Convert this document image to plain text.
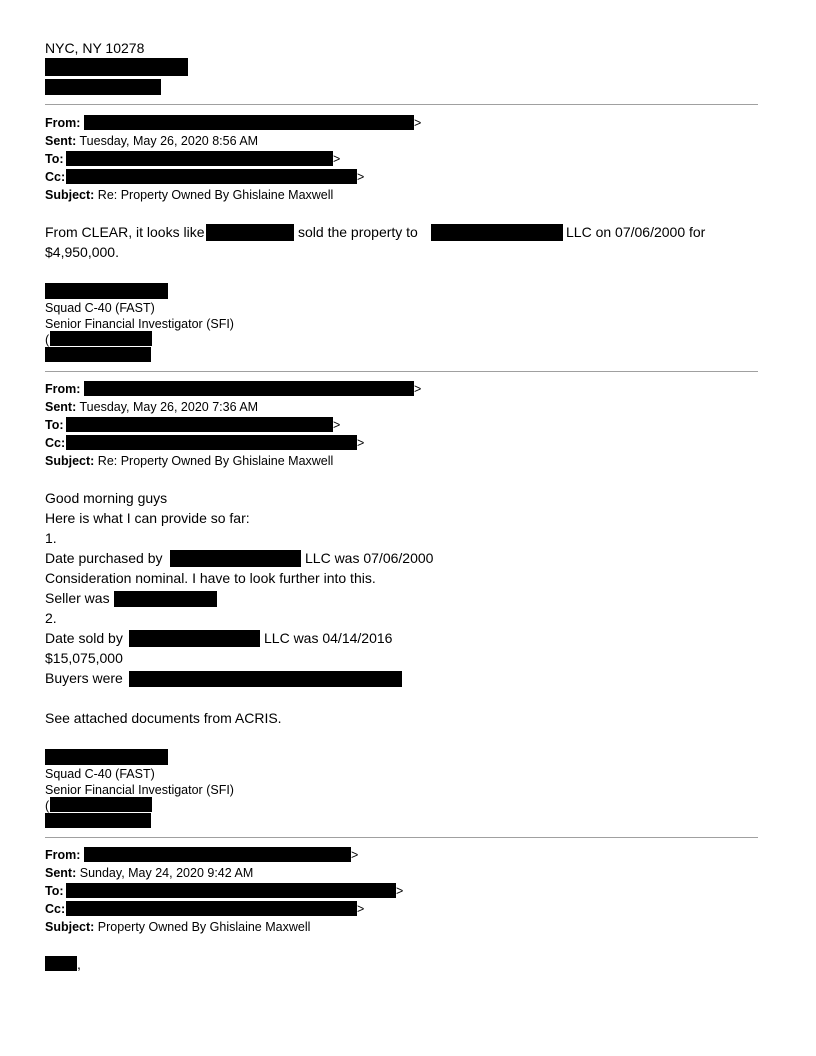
NYC, NY 10278
From:	>
Sent: Tuesday, May 26, 2020 8:56 AM
To:	>
Cc:	>
Subject: Re: Property Owned By Ghislaine Maxwell
From CLEAR, it looks like	sold the property to	LLC on 07/06/2000 for
$4,950,000.
Squad C-40 (FAST)
Senior Financial Investigator (SFI)
(
From:	>
Sent: Tuesday, May 26, 2020 7:36 AM
To:	>
Cc:	>
Subject: Re: Property Owned By Ghislaine Maxwell
Good morning guys
Here is what I can provide so far:
1.
Date purchased by	LLC was 07/06/2000
Consideration nominal. I have to look further into this.
Seller was
2.
Date sold by	LLC was 04/14/2016
$15,075,000
Buyers were
See attached documents from ACRIS.
Squad C-40 (FAST)
Senior Financial Investigator (SFI)
(
From:	>
Sent: Sunday, May 24, 2020 9:42 AM
To:	>
Cc:	>
Subject: Property Owned By Ghislaine Maxwell
,
